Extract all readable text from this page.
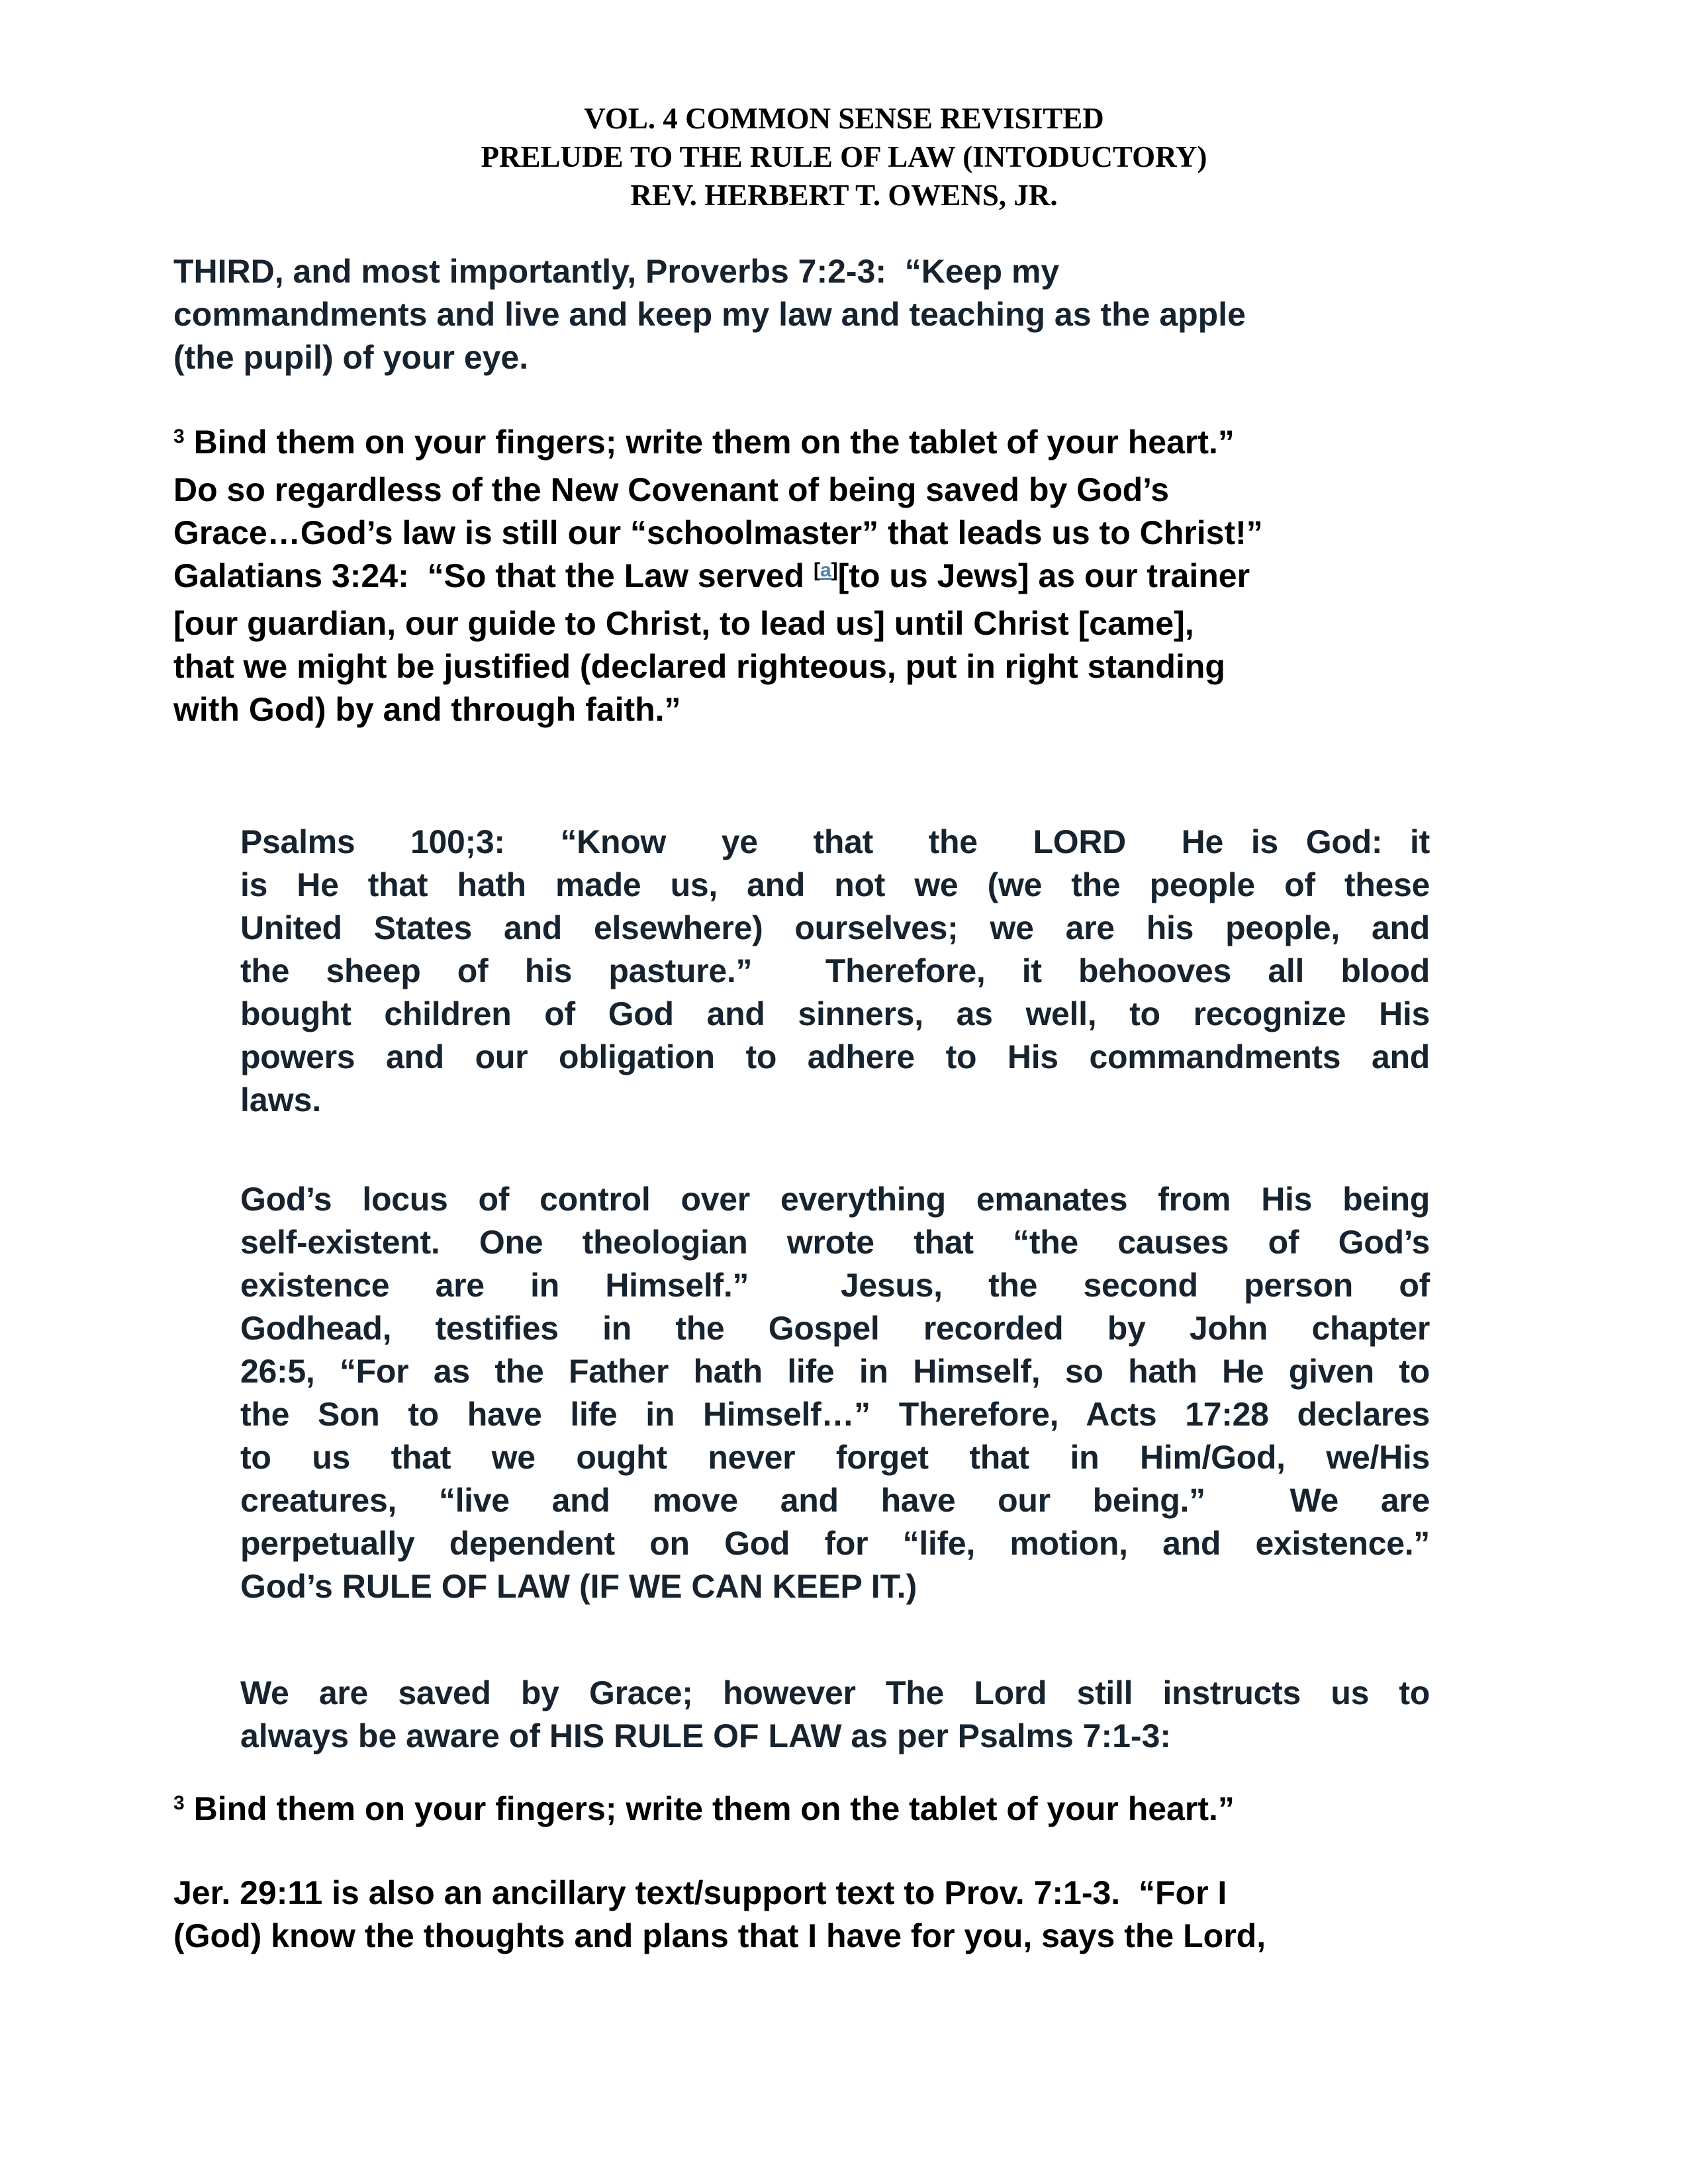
VOL. 4 COMMON SENSE REVISITED
PRELUDE TO THE RULE OF LAW (INTODUCTORY)
REV. HERBERT T. OWENS, JR.
THIRD, and most importantly, Proverbs 7:2-3:  “Keep my
commandments and live and keep my law and teaching as the apple
(the pupil) of your eye.
$^3$ Bind them on your fingers; write them on the tablet of your heart.”
Do so regardless of the New Covenant of being saved by God’s
Grace…God’s law is still our “schoolmaster” that leads us to Christ!”
Galatians 3:24:  “So that the Law served [a][to us Jews] as our trainer
[our guardian, our guide to Christ, to lead us] until Christ [came],
that we might be justified (declared righteous, put in right standing
with God) by and through faith.”
Psalms  100;3:  “Know  ye  that  the  LORD  He is God: it
is He that hath made us, and not we (we the people of these
United States and elsewhere) ourselves; we are his people, and
the sheep of his pasture.”  Therefore, it behooves all blood
bought children of God and sinners, as well, to recognize His
powers and our obligation to adhere to His commandments and
laws.
God’s locus of control over everything emanates from His being
self-existent. One theologian wrote that “the causes of God’s
existence are in Himself.”  Jesus, the second person of
Godhead, testifies in the Gospel recorded by John chapter
26:5, “For as the Father hath life in Himself, so hath He given to
the Son to have life in Himself…” Therefore, Acts 17:28 declares
to us that we ought never forget that in Him/God, we/His
creatures, “live and move and have our being.”  We are
perpetually dependent on God for “life, motion, and existence.”
God’s RULE OF LAW (IF WE CAN KEEP IT.)
We are saved by Grace; however The Lord still instructs us to
always be aware of HIS RULE OF LAW as per Psalms 7:1-3:
$^3$ Bind them on your fingers; write them on the tablet of your heart.”
Jer. 29:11 is also an ancillary text/support text to Prov. 7:1-3.  “For I
(God) know the thoughts and plans that I have for you, says the Lord,
